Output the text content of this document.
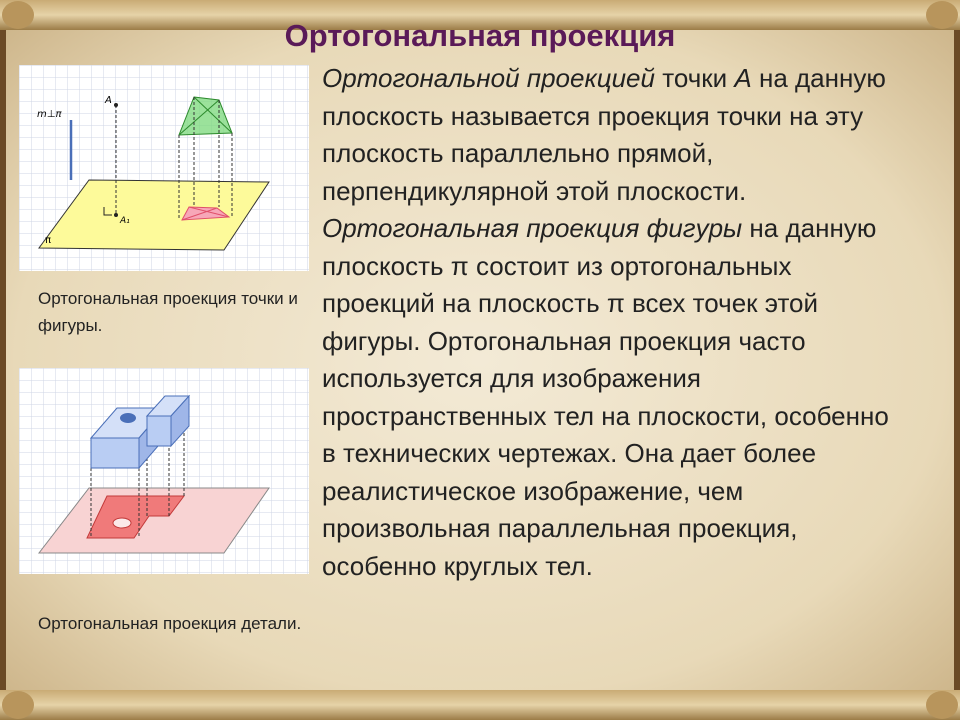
Ортогональная проекция
m⊥π
π
A
A₁
Ортогональная проекция точки и фигуры.
Ортогональная проекция детали.
Ортогональной проекцией точки А на данную плоскость называется проекция точки на эту плоскость параллельно прямой, перпендикулярной этой плоскости. Ортогональная проекция фигуры на данную плоскость π состоит из ортогональных проекций на плоскость π всех точек этой фигуры. Ортогональная проекция часто используется для изображения пространственных тел на плоскости, особенно в технических чертежах. Она дает более реалистическое изображение, чем произвольная параллельная проекция, особенно круглых тел.
